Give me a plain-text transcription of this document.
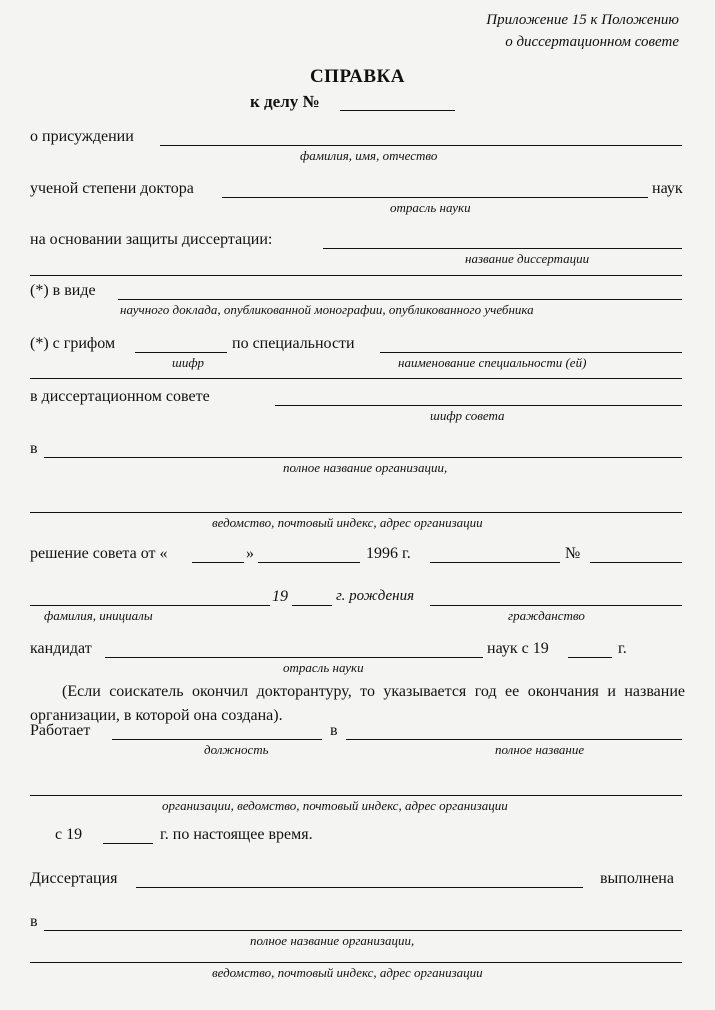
Приложение 15 к Положению
о диссертационном совете
СПРАВКА
к делу №
о присуждении
фамилия, имя, отчество
ученой степени доктора	наук
отрасль науки
на основании защиты диссертации:
название диссертации
(*) в виде
научного доклада, опубликованной монографии, опубликованного учебника
(*) с грифом	по специальности
шифр	наименование специальности (ей)
в диссертационном совете
шифр совета
в
полное название организации,
ведомство, почтовый индекс, адрес организации
решение совета от «	»	1996 г.	№
19	г. рождения
фамилия, инициалы	гражданство
кандидат	наук с 19	г.
отрасль науки
(Если соискатель окончил докторантуру, то указывается год ее окончания и название организации, в которой она создана).
Работает	в
должность	полное название
организации, ведомство, почтовый индекс, адрес организации
с 19	г. по настоящее время.
Диссертация	выполнена
в
полное название организации,
ведомство, почтовый индекс, адрес организации
